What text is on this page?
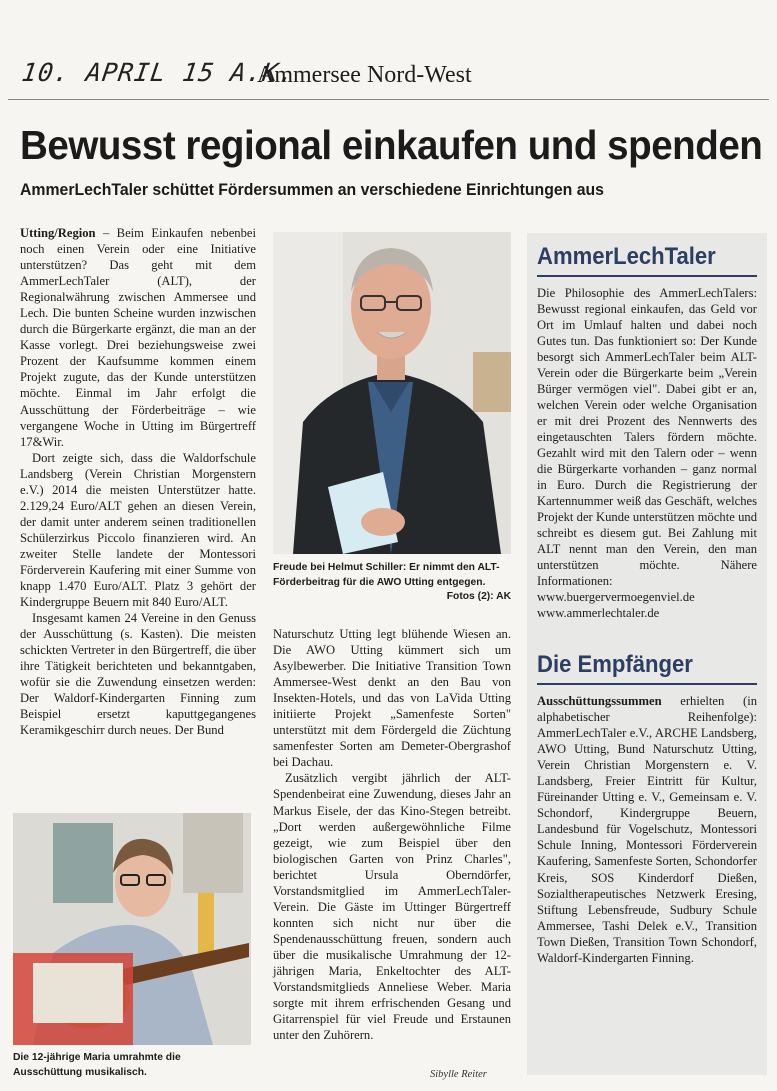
10. APRIL 15 A.K.
Ammersee Nord-West
Bewusst regional einkaufen und spenden
AmmerLechTaler schüttet Fördersummen an verschiedene Einrichtungen aus

Utting/Region – Beim Einkaufen nebenbei noch einen Verein oder eine Initiative unterstützen? Das geht mit dem AmmerLechTaler (ALT), der Regionalwährung zwischen Ammersee und Lech. Die bunten Scheine wurden inzwischen durch die Bürgerkarte ergänzt, die man an der Kasse vorlegt. Drei beziehungsweise zwei Prozent der Kaufsumme kommen einem Projekt zugute, das der Kunde unterstützen möchte. Einmal im Jahr erfolgt die Ausschüttung der Förderbeiträge – wie vergangene Woche in Utting im Bürgertreff 17&Wir.

Dort zeigte sich, dass die Waldorfschule Landsberg (Verein Christian Morgenstern e.V.) 2014 die meisten Unterstützer hatte. 2.129,24 Euro/ALT gehen an diesen Verein, der damit unter anderem seinen traditionellen Schülerzirkus Piccolo finanzieren wird. An zweiter Stelle landete der Montessori Förderverein Kaufering mit einer Summe von knapp 1.470 Euro/ALT. Platz 3 gehört der Kindergruppe Beuern mit 840 Euro/ALT.

Insgesamt kamen 24 Vereine in den Genuss der Ausschüttung (s. Kasten). Die meisten schickten Vertreter in den Bürgertreff, die über ihre Tätigkeit berichteten und bekanntgaben, wofür sie die Zuwendung einsetzen werden: Der Waldorf-Kindergarten Finning zum Beispiel ersetzt kaputtgegangenes Keramikgeschirr durch neues. Der Bund

Freude bei Helmut Schiller: Er nimmt den ALT-Förderbeitrag für die AWO Utting entgegen.
Fotos (2): AK

Naturschutz Utting legt blühende Wiesen an. Die AWO Utting kümmert sich um Asylbewerber. Die Initiative Transition Town Ammersee-West denkt an den Bau von Insekten-Hotels, und das von LaVida Utting initiierte Projekt „Samenfeste Sorten" unterstützt mit dem Fördergeld die Züchtung samenfester Sorten am Demeter-Obergrashof bei Dachau.

Zusätzlich vergibt jährlich der ALT-Spendenbeirat eine Zuwendung, dieses Jahr an Markus Eisele, der das Kino-Stegen betreibt. „Dort werden außergewöhnliche Filme gezeigt, wie zum Beispiel über den biologischen Garten von Prinz Charles", berichtet Ursula Oberndörfer, Vorstandsmitglied im AmmerLechTaler-Verein. Die Gäste im Uttinger Bürgertreff konnten sich nicht nur über die Spendenausschüttung freuen, sondern auch über die musikalische Umrahmung der 12-jährigen Maria, Enkeltochter des ALT-Vorstandsmitglieds Anneliese Weber. Maria sorgte mit ihrem erfrischenden Gesang und Gitarrenspiel für viel Freude und Erstaunen unter den Zuhörern.

Die 12-jährige Maria umrahmte die Ausschüttung musikalisch.	Sibylle Reiter
AmmerLechTaler
Die Philosophie des AmmerLechTalers: Bewusst regional einkaufen, das Geld vor Ort im Umlauf halten und dabei noch Gutes tun. Das funktioniert so: Der Kunde besorgt sich AmmerLechTaler beim ALT-Verein oder die Bürgerkarte beim „Verein Bürger vermögen viel". Dabei gibt er an, welchen Verein oder welche Organisation er mit drei Prozent des Nennwerts des eingetauschten Talers fördern möchte. Gezahlt wird mit den Talern oder – wenn die Bürgerkarte vorhanden – ganz normal in Euro. Durch die Registrierung der Kartennummer weiß das Geschäft, welches Projekt der Kunde unterstützen möchte und schreibt es diesem gut. Bei Zahlung mit ALT nennt man den Verein, den man unterstützen möchte. Nähere Informationen:
www.buergervermoegenviel.de
www.ammerlechtaler.de
Die Empfänger
Ausschüttungssummen erhielten (in alphabetischer Reihenfolge): AmmerLechTaler e.V., ARCHE Landsberg, AWO Utting, Bund Naturschutz Utting, Verein Christian Morgenstern e. V. Landsberg, Freier Eintritt für Kultur, Füreinander Utting e. V., Gemeinsam e. V. Schondorf, Kindergruppe Beuern, Landesbund für Vogelschutz, Montessori Schule Inning, Montessori Förderverein Kaufering, Samenfeste Sorten, Schondorfer Kreis, SOS Kinderdorf Dießen, Sozialtherapeutisches Netzwerk Eresing, Stiftung Lebensfreude, Sudbury Schule Ammersee, Tashi Delek e.V., Transition Town Dießen, Transition Town Schondorf, Waldorf-Kindergarten Finning.
